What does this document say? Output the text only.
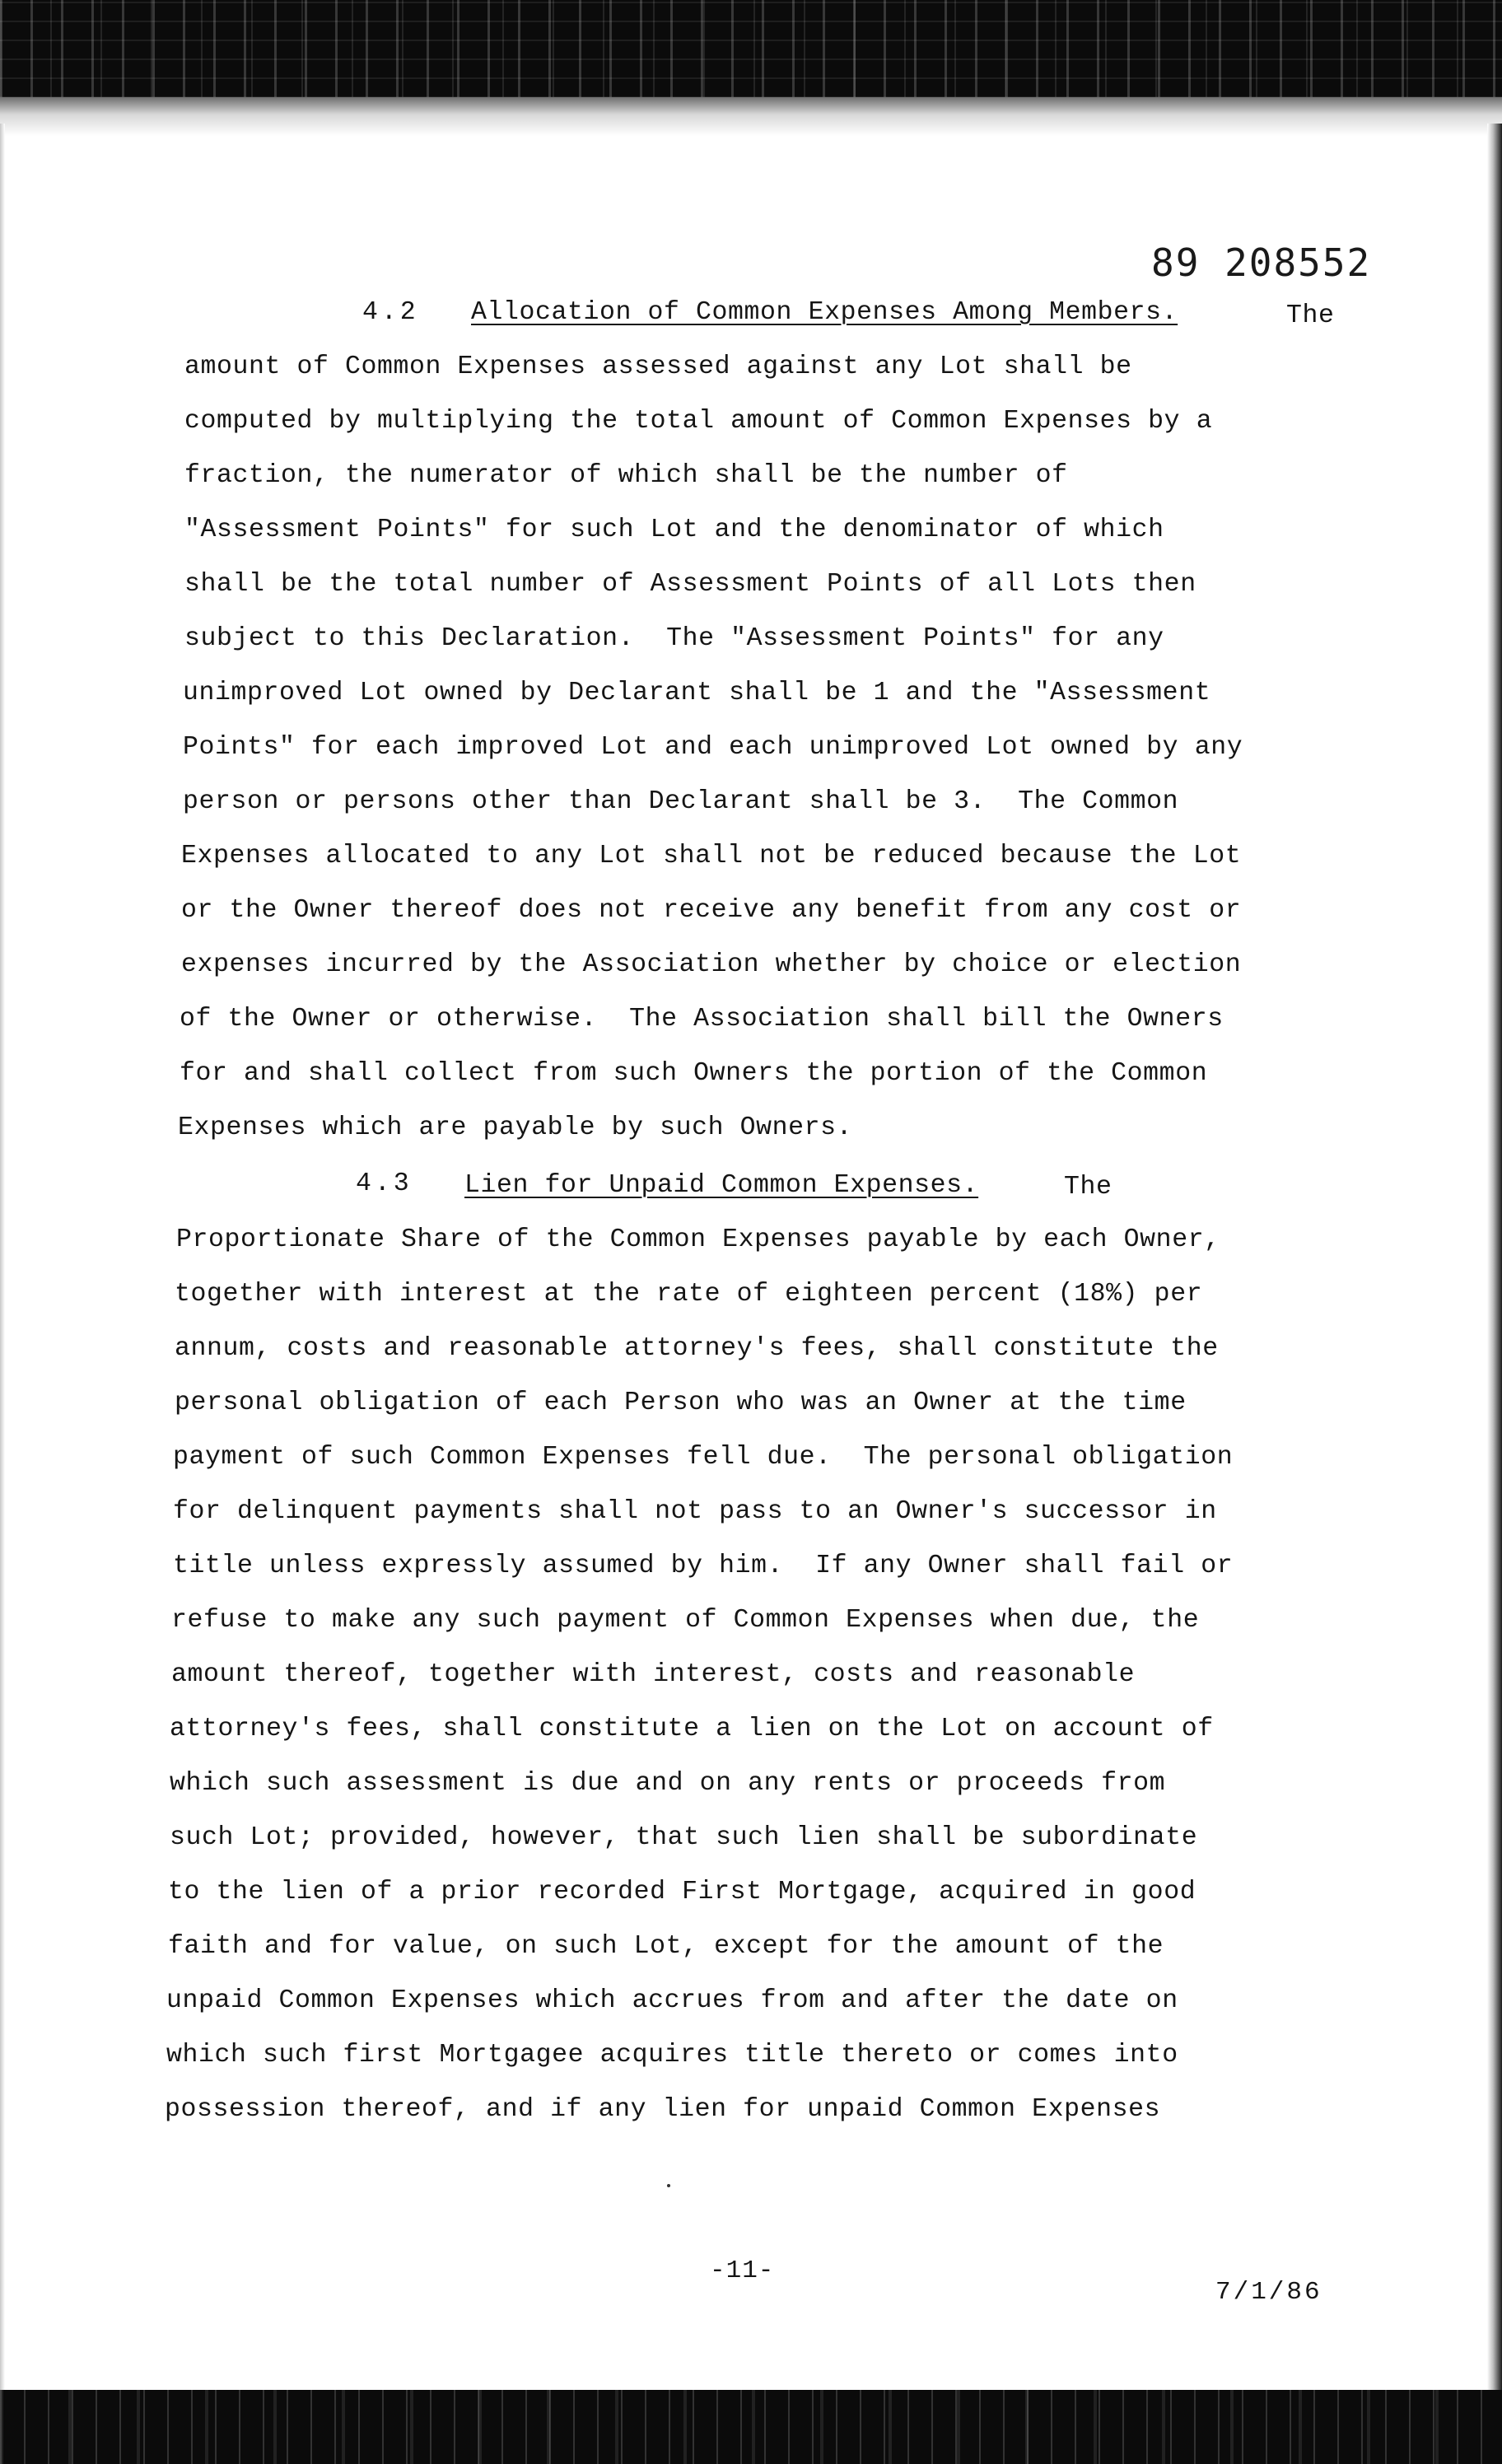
89 208552
4.2 Allocation of Common Expenses Among Members.	The
amount of Common Expenses assessed against any Lot shall be
computed by multiplying the total amount of Common Expenses by a
fraction, the numerator of which shall be the number of
"Assessment Points" for such Lot and the denominator of which
shall be the total number of Assessment Points of all Lots then
subject to this Declaration.  The "Assessment Points" for any
unimproved Lot owned by Declarant shall be 1 and the "Assessment
Points" for each improved Lot and each unimproved Lot owned by any
person or persons other than Declarant shall be 3.  The Common
Expenses allocated to any Lot shall not be reduced because the Lot
or the Owner thereof does not receive any benefit from any cost or
expenses incurred by the Association whether by choice or election
of the Owner or otherwise.  The Association shall bill the Owners
for and shall collect from such Owners the portion of the Common
Expenses which are payable by such Owners.
4.3 Lien for Unpaid Common Expenses.	The
Proportionate Share of the Common Expenses payable by each Owner,
together with interest at the rate of eighteen percent (18%) per
annum, costs and reasonable attorney's fees, shall constitute the
personal obligation of each Person who was an Owner at the time
payment of such Common Expenses fell due.  The personal obligation
for delinquent payments shall not pass to an Owner's successor in
title unless expressly assumed by him.  If any Owner shall fail or
refuse to make any such payment of Common Expenses when due, the
amount thereof, together with interest, costs and reasonable
attorney's fees, shall constitute a lien on the Lot on account of
which such assessment is due and on any rents or proceeds from
such Lot; provided, however, that such lien shall be subordinate
to the lien of a prior recorded First Mortgage, acquired in good
faith and for value, on such Lot, except for the amount of the
unpaid Common Expenses which accrues from and after the date on
which such first Mortgagee acquires title thereto or comes into
possession thereof, and if any lien for unpaid Common Expenses
-11-
7/1/86
